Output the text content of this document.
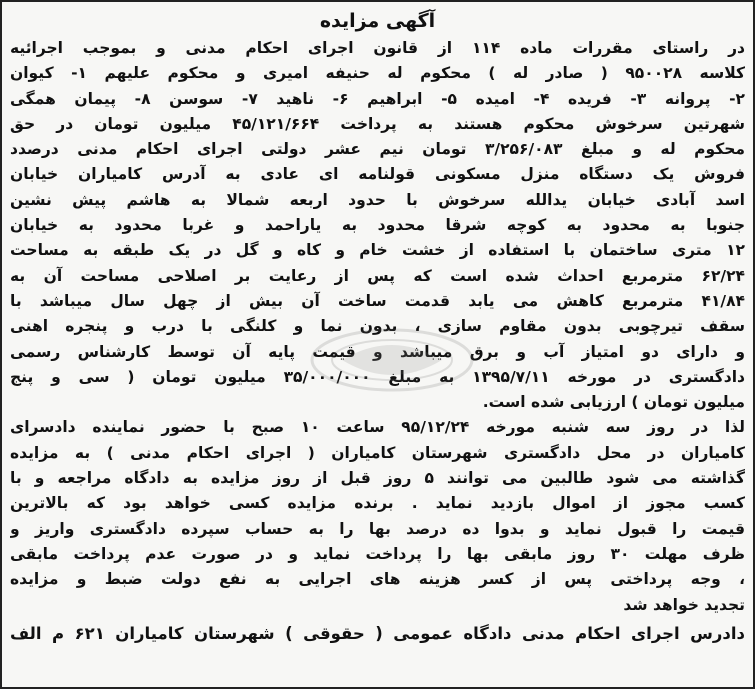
آگهی مزایده
در راستای مقررات ماده ۱۱۴ از قانون اجرای احکام مدنی و بموجب اجرائیه
کلاسه ۹۵۰۰۲۸ ( صادر له ) محکوم له حنیفه امیری و محکوم علیهم ۱- کیوان
۲- پروانه ۳- فریده ۴- امیده ۵- ابراهیم ۶- ناهید ۷- سوسن ۸- پیمان همگی
شهرتین سرخوش محکوم هستند به پرداخت ۴۵/۱۲۱/۶۶۴ میلیون تومان در حق
محکوم له و مبلغ ۳/۲۵۶/۰۸۳ تومان نیم عشر دولتی اجرای احکام مدنی درصدد
فروش یک دستگاه منزل مسکونی قولنامه ای عادی به آدرس کامیاران خیابان
اسد آبادی خیابان یدالله سرخوش با حدود اربعه شمالا به هاشم پیش نشین
جنوبا به محدود به کوچه شرقا محدود به یاراحمد و غربا محدود به خیابان
۱۲ متری ساختمان با استفاده از خشت خام و کاه و گل در یک طبقه به مساحت
۶۲/۲۴ مترمربع احداث شده است که پس از رعایت بر اصلاحی مساحت آن به
۴۱/۸۴ مترمربع کاهش می یابد قدمت ساخت آن بیش از چهل سال میباشد با
سقف تیرچوبی بدون مقاوم سازی ، بدون نما و کلنگی با درب و پنجره اهنی
و دارای دو امتیاز آب و برق میباشد و قیمت پایه آن توسط کارشناس رسمی
دادگستری در مورخه ۱۳۹۵/۷/۱۱ به مبلغ ۳۵/۰۰۰/۰۰۰ میلیون تومان ( سی و پنج
میلیون تومان ) ارزیابی شده است.
لذا در روز سه شنبه مورخه ۹۵/۱۲/۲۴ ساعت ۱۰ صبح با حضور نماینده دادسرای
کامیاران در محل دادگستری شهرستان کامیاران ( اجرای احکام مدنی ) به مزایده
گذاشته می شود طالبین می توانند ۵ روز قبل از روز مزایده به دادگاه مراجعه و با
کسب مجوز از اموال بازدید نماید . برنده مزایده کسی خواهد بود که بالاترین
قیمت را قبول نماید و بدوا ده درصد بها را به حساب سپرده دادگستری واریز و
ظرف مهلت ۳۰ روز مابقی بها را پرداخت نماید و در صورت عدم پرداخت مابقی
، وجه پرداختی پس از کسر هزینه های اجرایی به نفع دولت ضبط و مزایده
تجدید خواهد شد
دادرس اجرای احکام مدنی دادگاه عمومی ( حقوقی ) شهرستان کامیاران ۶۲۱ م الف
